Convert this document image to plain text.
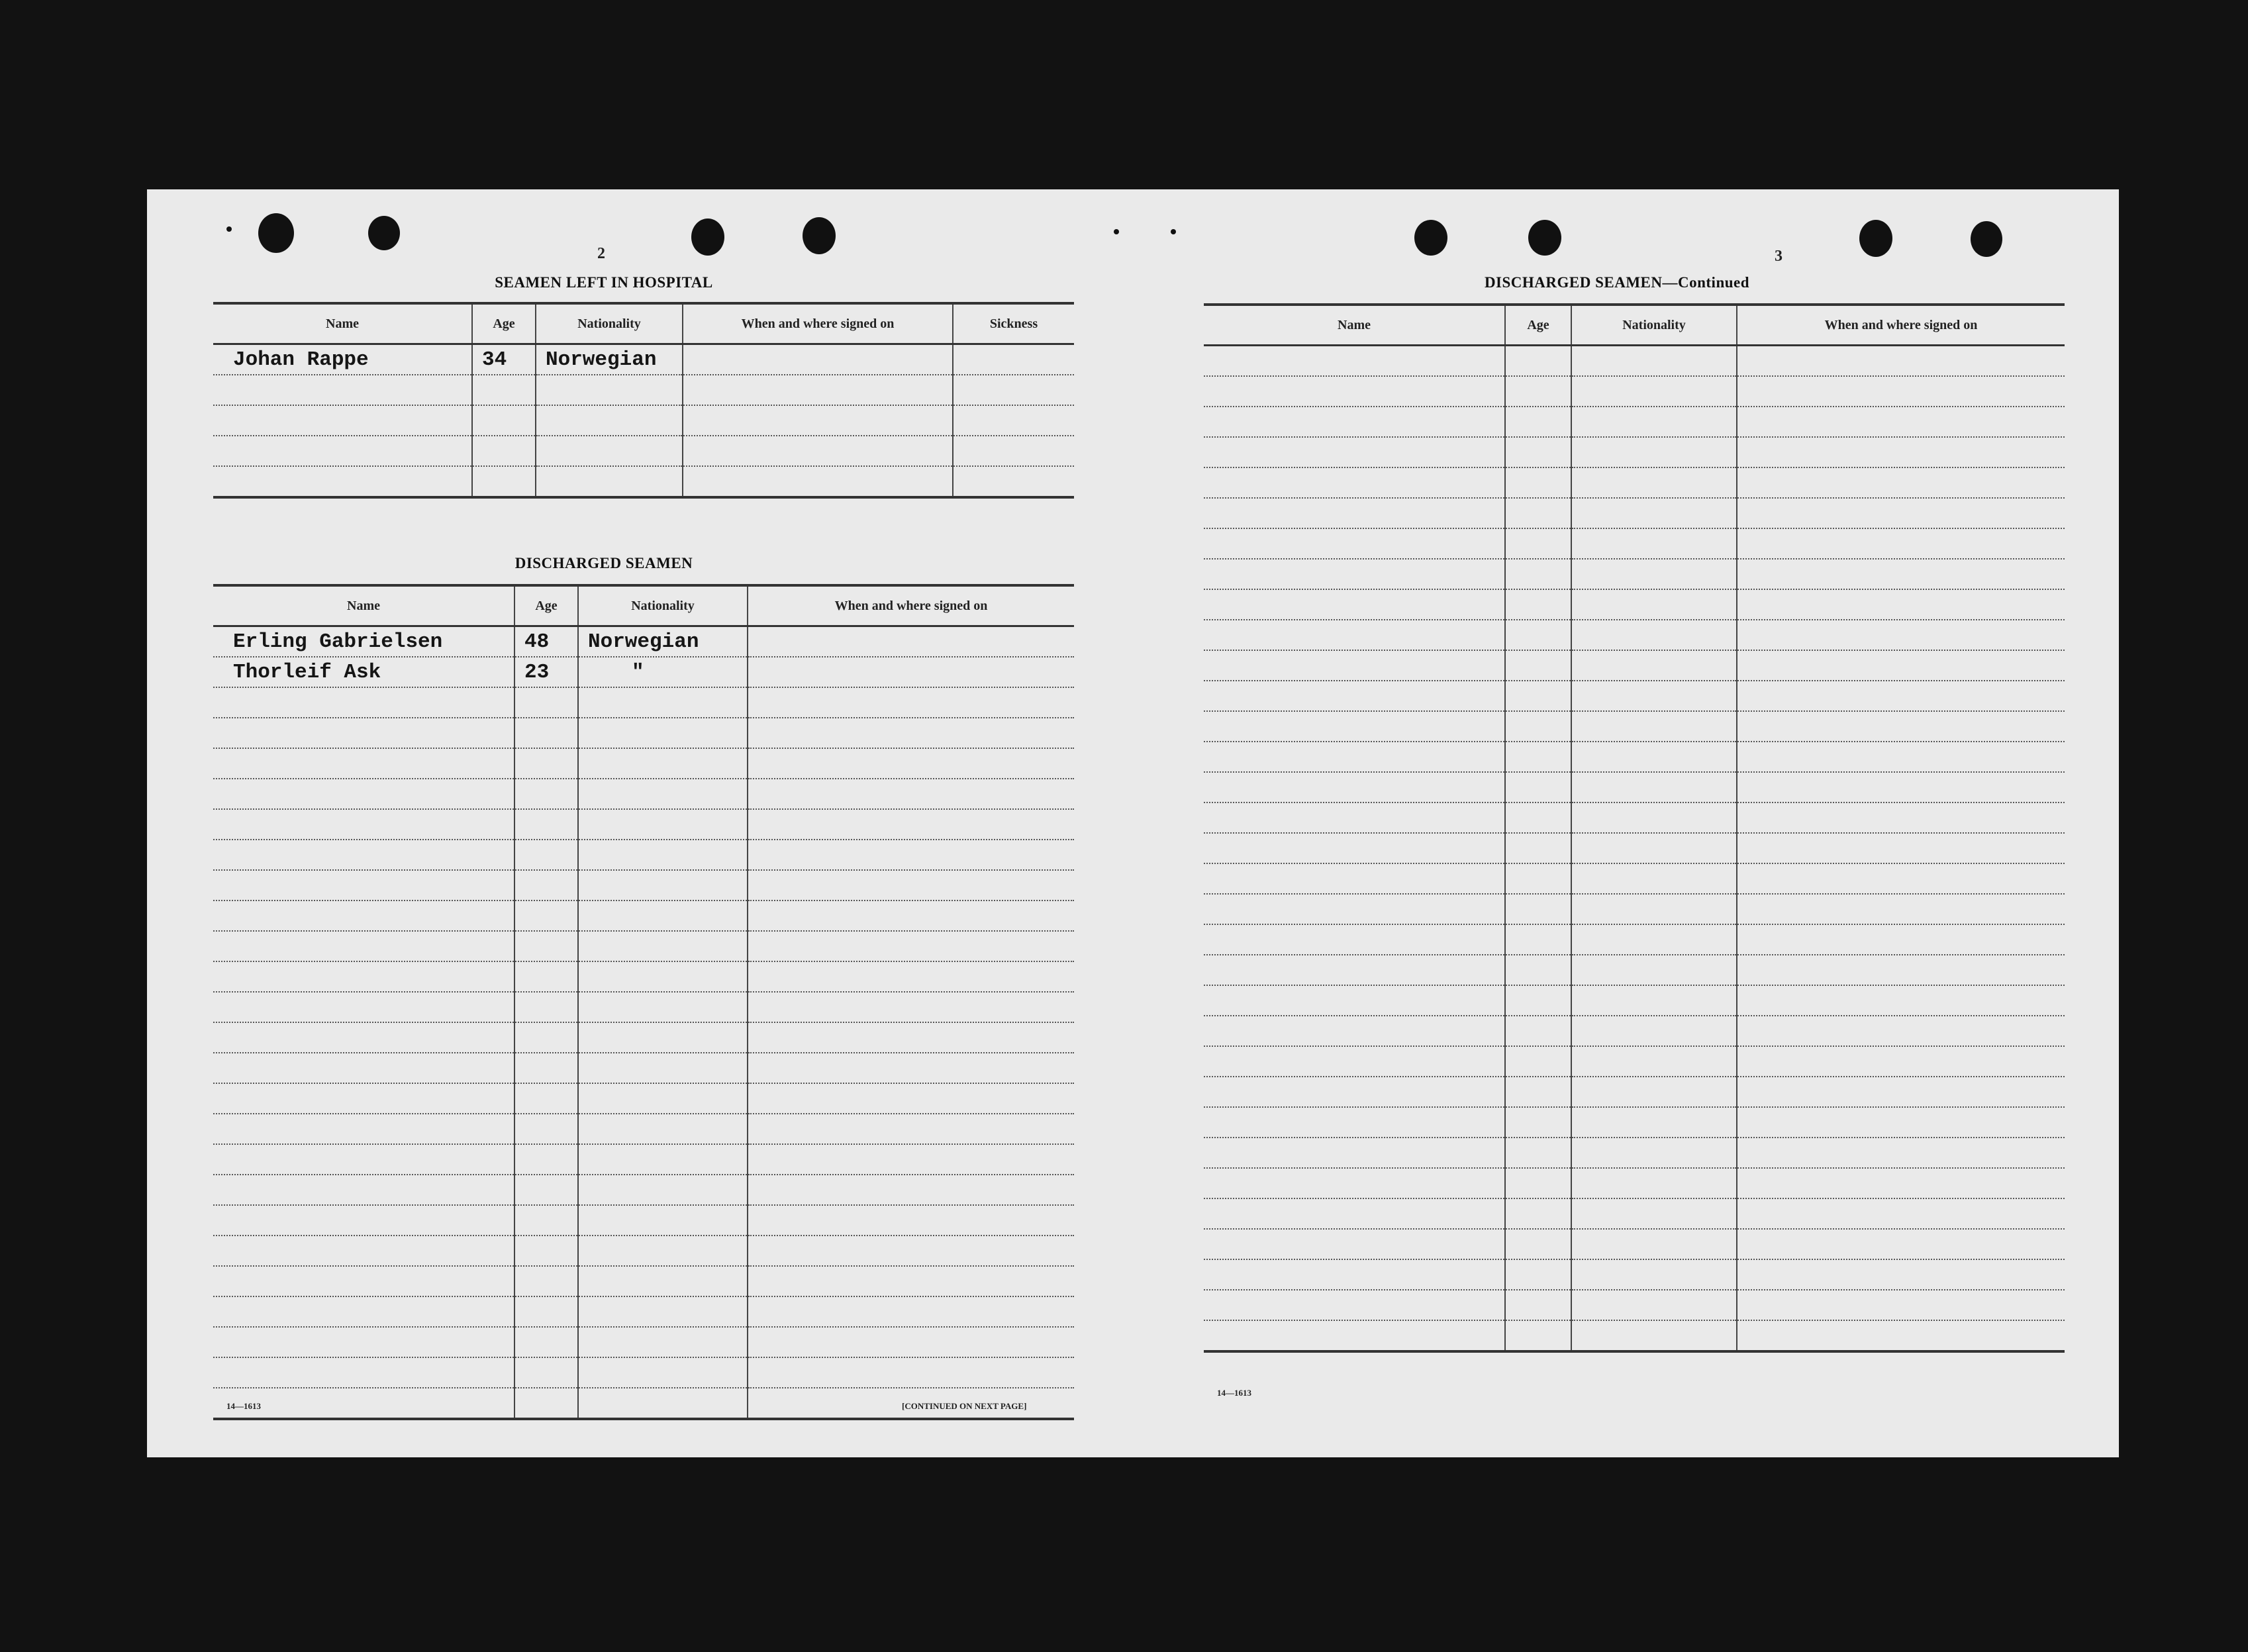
2
SEAMEN LEFT IN HOSPITAL
Name	Age	Nationality	When and where signed on	Sickness
Johan Rappe	34	Norwegian		

DISCHARGED SEAMEN
Name	Age	Nationality	When and where signed on
Erling Gabrielsen	48	Norwegian	
Thorleif Ask	23	"	

14—1613	[CONTINUED ON NEXT PAGE]
3
DISCHARGED SEAMEN—Continued
Name	Age	Nationality	When and where signed on

14—1613
